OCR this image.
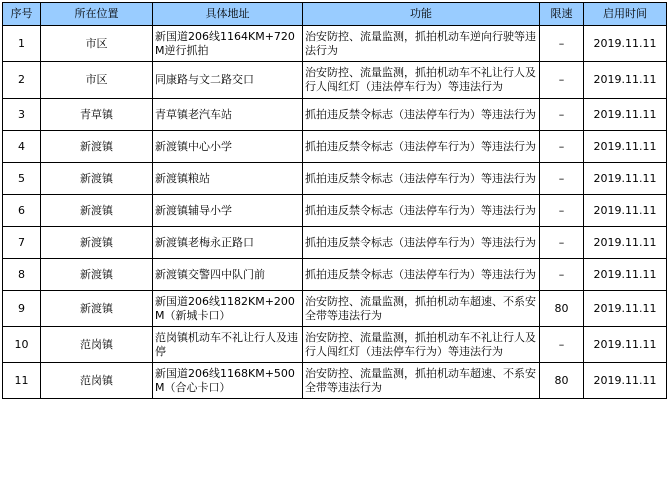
序号	所在位置	具体地址	功能	限速	启用时间
1	市区	新国道206线1164KM+720M逆行抓拍	治安防控、流量监测，抓拍机动车逆向行驶等违法行为	–	2019.11.11
2	市区	同康路与文二路交口	治安防控、流量监测，抓拍机动车不礼让行人及行人闯红灯（违法停车行为）等违法行为	–	2019.11.11
3	青草镇	青草镇老汽车站	抓拍违反禁令标志（违法停车行为）等违法行为	–	2019.11.11
4	新渡镇	新渡镇中心小学	抓拍违反禁令标志（违法停车行为）等违法行为	–	2019.11.11
5	新渡镇	新渡镇粮站	抓拍违反禁令标志（违法停车行为）等违法行为	–	2019.11.11
6	新渡镇	新渡镇辅导小学	抓拍违反禁令标志（违法停车行为）等违法行为	–	2019.11.11
7	新渡镇	新渡镇老梅永正路口	抓拍违反禁令标志（违法停车行为）等违法行为	–	2019.11.11
8	新渡镇	新渡镇交警四中队门前	抓拍违反禁令标志（违法停车行为）等违法行为	–	2019.11.11
9	新渡镇	新国道206线1182KM+200M（新城卡口）	治安防控、流量监测，抓拍机动车超速、不系安全带等违法行为	80	2019.11.11
10	范岗镇	范岗镇机动车不礼让行人及违停	治安防控、流量监测，抓拍机动车不礼让行人及行人闯红灯（违法停车行为）等违法行为	–	2019.11.11
11	范岗镇	新国道206线1168KM+500M（合心卡口）	治安防控、流量监测，抓拍机动车超速、不系安全带等违法行为	80	2019.11.11
